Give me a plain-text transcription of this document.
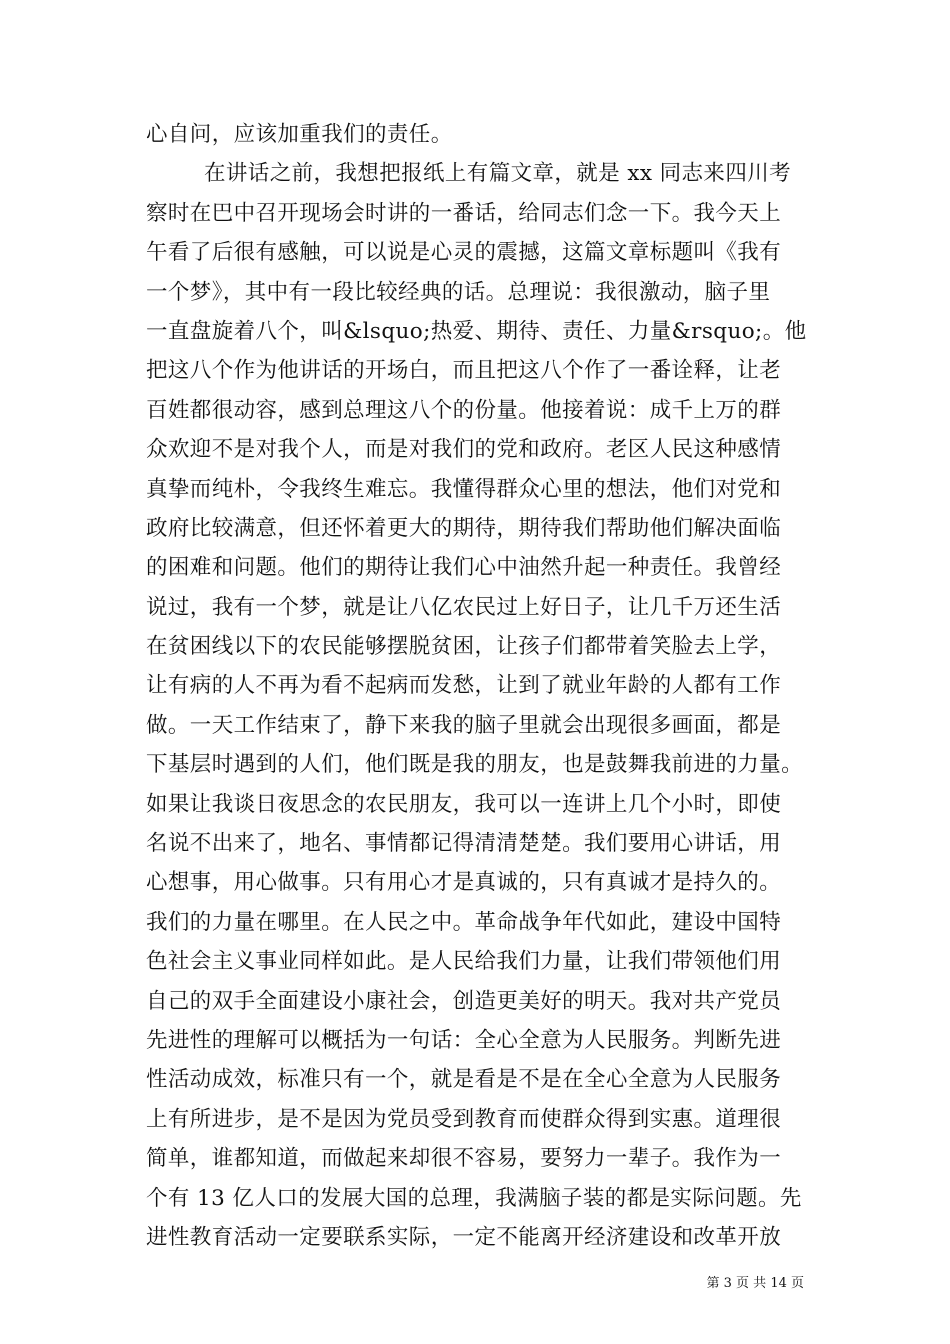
心自问，应该加重我们的责任。
在讲话之前，我想把报纸上有篇文章，就是 xx 同志来四川考
察时在巴中召开现场会时讲的一番话，给同志们念一下。我今天上
午看了后很有感触，可以说是心灵的震撼，这篇文章标题叫《我有
一个梦》，其中有一段比较经典的话。总理说：我很激动，脑子里
一直盘旋着八个，叫&lsquo;热爱、期待、责任、力量&rsquo;。他
把这八个作为他讲话的开场白，而且把这八个作了一番诠释，让老
百姓都很动容，感到总理这八个的份量。他接着说：成千上万的群
众欢迎不是对我个人，而是对我们的党和政府。老区人民这种感情
真挚而纯朴，令我终生难忘。我懂得群众心里的想法，他们对党和
政府比较满意，但还怀着更大的期待，期待我们帮助他们解决面临
的困难和问题。他们的期待让我们心中油然升起一种责任。我曾经
说过，我有一个梦，就是让八亿农民过上好日子，让几千万还生活
在贫困线以下的农民能够摆脱贫困，让孩子们都带着笑脸去上学，
让有病的人不再为看不起病而发愁，让到了就业年龄的人都有工作
做。一天工作结束了，静下来我的脑子里就会出现很多画面，都是
下基层时遇到的人们，他们既是我的朋友，也是鼓舞我前进的力量。
如果让我谈日夜思念的农民朋友，我可以一连讲上几个小时，即使
名说不出来了，地名、事情都记得清清楚楚。我们要用心讲话，用
心想事，用心做事。只有用心才是真诚的，只有真诚才是持久的。
我们的力量在哪里。在人民之中。革命战争年代如此，建设中国特
色社会主义事业同样如此。是人民给我们力量，让我们带领他们用
自己的双手全面建设小康社会，创造更美好的明天。我对共产党员
先进性的理解可以概括为一句话：全心全意为人民服务。判断先进
性活动成效，标准只有一个，就是看是不是在全心全意为人民服务
上有所进步，是不是因为党员受到教育而使群众得到实惠。道理很
简单，谁都知道，而做起来却很不容易，要努力一辈子。我作为一
个有 13 亿人口的发展大国的总理，我满脑子装的都是实际问题。先
进性教育活动一定要联系实际，一定不能离开经济建设和改革开放
第 3 页 共 14 页
